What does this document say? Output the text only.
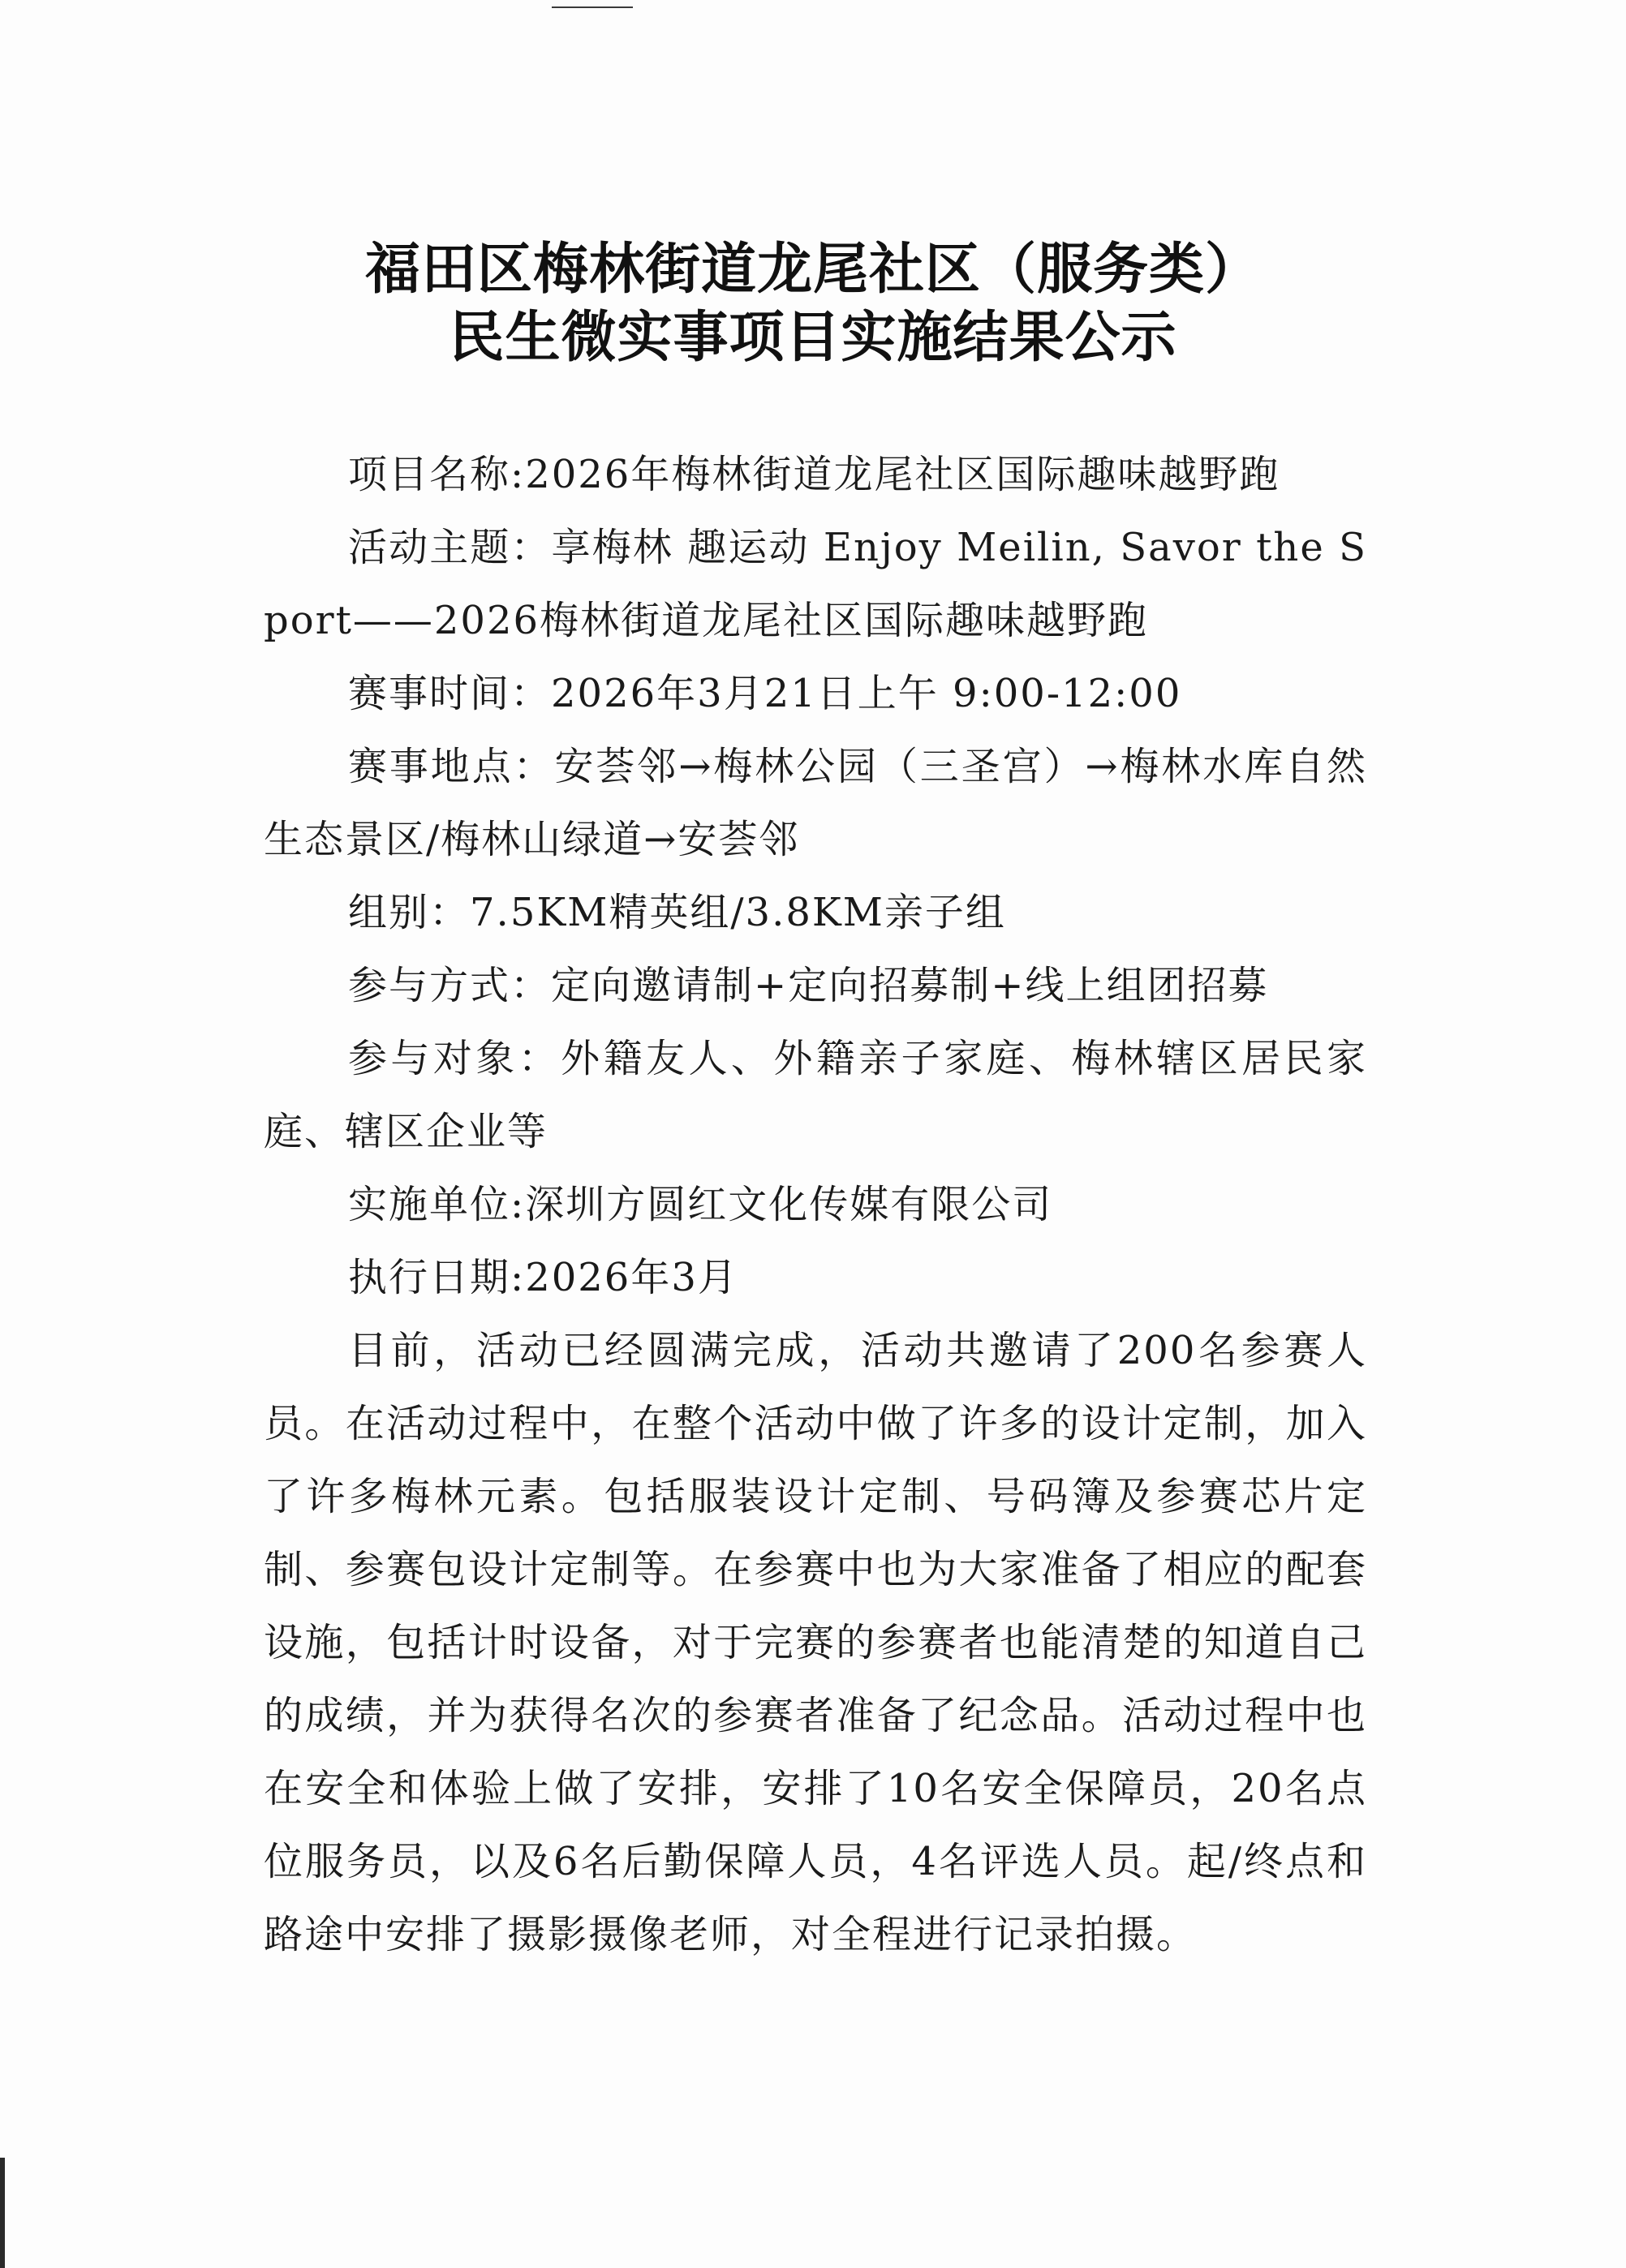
福田区梅林街道龙尾社区（服务类）
民生微实事项目实施结果公示

项目名称:2026年梅林街道龙尾社区国际趣味越野跑

活动主题：享梅林 趣运动 Enjoy Meilin, Savor the Sport——2026梅林街道龙尾社区国际趣味越野跑

赛事时间：2026年3月21日上午 9:00-12:00

赛事地点：安荟邻→梅林公园（三圣宫）→梅林水库自然生态景区/梅林山绿道→安荟邻

组别：7.5KM精英组/3.8KM亲子组

参与方式：定向邀请制+定向招募制+线上组团招募

参与对象：外籍友人、外籍亲子家庭、梅林辖区居民家庭、辖区企业等

实施单位:深圳方圆红文化传媒有限公司

执行日期:2026年3月

目前，活动已经圆满完成，活动共邀请了200名参赛人员。在活动过程中，在整个活动中做了许多的设计定制，加入了许多梅林元素。包括服装设计定制、号码簿及参赛芯片定制、参赛包设计定制等。在参赛中也为大家准备了相应的配套设施，包括计时设备，对于完赛的参赛者也能清楚的知道自己的成绩，并为获得名次的参赛者准备了纪念品。活动过程中也在安全和体验上做了安排，安排了10名安全保障员，20名点位服务员，以及6名后勤保障人员，4名评选人员。起/终点和路途中安排了摄影摄像老师，对全程进行记录拍摄。
